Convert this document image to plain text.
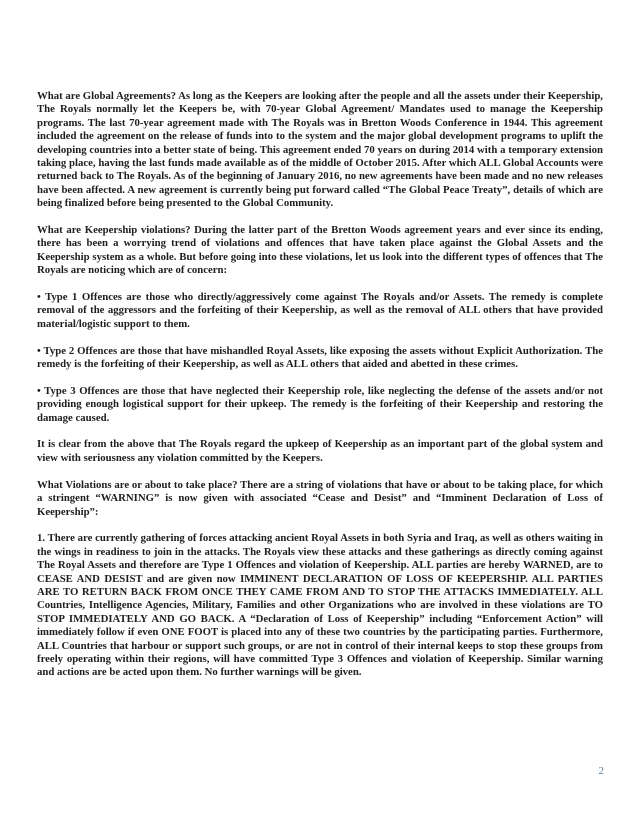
What are Global Agreements? As long as the Keepers are looking after the people and all the assets under their Keepership, The Royals normally let the Keepers be, with 70-year Global Agreement/ Mandates used to manage the Keepership programs. The last 70-year agreement made with The Royals was in Bretton Woods Conference in 1944. This agreement included the agreement on the release of funds into to the system and the major global development programs to uplift the developing countries into a better state of being. This agreement ended 70 years on during 2014 with a temporary extension taking place, having the last funds made available as of the middle of October 2015. After which ALL Global Accounts were returned back to The Royals. As of the beginning of January 2016, no new agreements have been made and no new releases have been affected. A new agreement is currently being put forward called “The Global Peace Treaty”, details of which are being finalized before being presented to the Global Community.

What are Keepership violations? During the latter part of the Bretton Woods agreement years and ever since its ending, there has been a worrying trend of violations and offences that have taken place against the Global Assets and the Keepership system as a whole. But before going into these violations, let us look into the different types of offences that The Royals are noticing which are of concern:

• Type 1 Offences are those who directly/aggressively come against The Royals and/or Assets. The remedy is complete removal of the aggressors and the forfeiting of their Keepership, as well as the removal of ALL others that have provided material/logistic support to them.

• Type 2 Offences are those that have mishandled Royal Assets, like exposing the assets without Explicit Authorization. The remedy is the forfeiting of their Keepership, as well as ALL others that aided and abetted in these crimes.

• Type 3 Offences are those that have neglected their Keepership role, like neglecting the defense of the assets and/or not providing enough logistical support for their upkeep. The remedy is the forfeiting of their Keepership and restoring the damage caused.

It is clear from the above that The Royals regard the upkeep of Keepership as an important part of the global system and view with seriousness any violation committed by the Keepers.

What Violations are or about to take place? There are a string of violations that have or about to be taking place, for which a stringent “WARNING” is now given with associated “Cease and Desist” and “Imminent Declaration of Loss of Keepership”:

1. There are currently gathering of forces attacking ancient Royal Assets in both Syria and Iraq, as well as others waiting in the wings in readiness to join in the attacks. The Royals view these attacks and these gatherings as directly coming against The Royal Assets and therefore are Type 1 Offences and violation of Keepership. ALL parties are hereby WARNED, are to CEASE AND DESIST and are given now IMMINENT DECLARATION OF LOSS OF KEEPERSHIP. ALL PARTIES ARE TO RETURN BACK FROM ONCE THEY CAME FROM AND TO STOP THE ATTACKS IMMEDIATELY. ALL Countries, Intelligence Agencies, Military, Families and other Organizations who are involved in these violations are TO STOP IMMEDIATELY AND GO BACK. A “Declaration of Loss of Keepership” including “Enforcement Action” will immediately follow if even ONE FOOT is placed into any of these two countries by the participating parties. Furthermore, ALL Countries that harbour or support such groups, or are not in control of their internal keeps to stop these groups from freely operating within their regions, will have committed Type 3 Offences and violation of Keepership. Similar warning and actions are be acted upon them. No further warnings will be given.

2
